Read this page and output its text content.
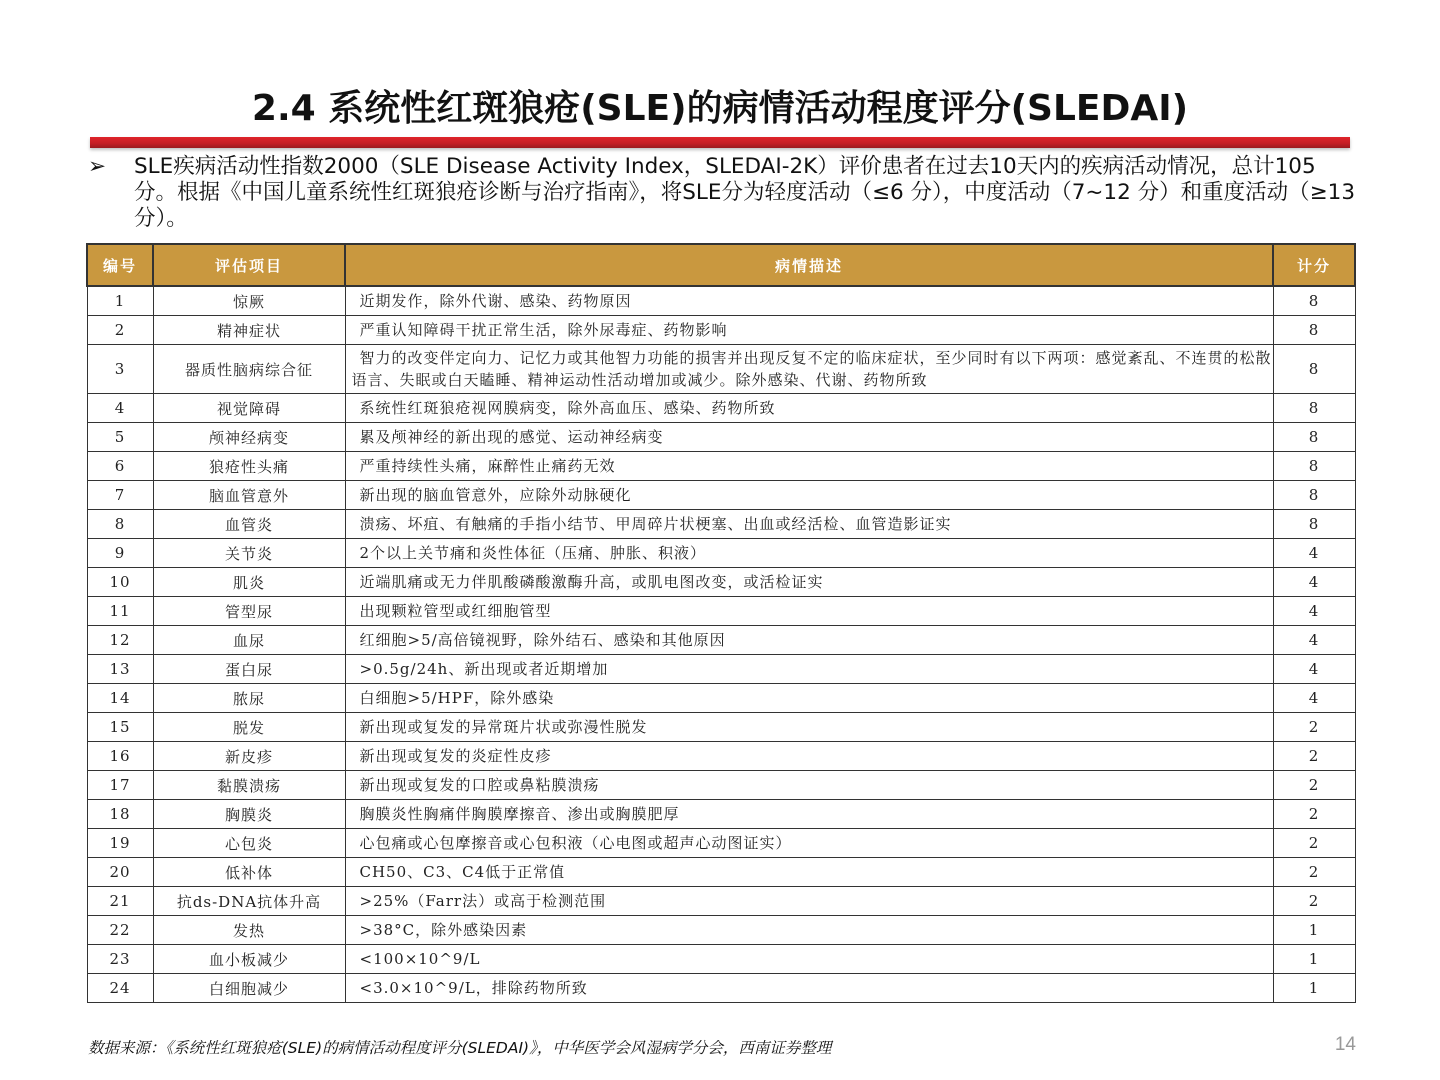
2.4 系统性红斑狼疮(SLE)的病情活动程度评分(SLEDAI)
➢	SLE疾病活动性指数2000（SLE Disease Activity Index，SLEDAI-2K）评价患者在过去10天内的疾病活动情况，总计105分。根据《中国儿童系统性红斑狼疮诊断与治疗指南》，将SLE分为轻度活动（≤6 分），中度活动（7~12 分）和重度活动（≥13 分）。
编号	评估项目	病情描述	计分
1	惊厥	近期发作，除外代谢、感染、药物原因	8
2	精神症状	严重认知障碍干扰正常生活，除外尿毒症、药物影响	8
3	器质性脑病综合征	智力的改变伴定向力、记忆力或其他智力功能的损害并出现反复不定的临床症状，至少同时有以下两项：感觉紊乱、不连贯的松散语言、失眠或白天瞌睡、精神运动性活动增加或减少。除外感染、代谢、药物所致	8
4	视觉障碍	系统性红斑狼疮视网膜病变，除外高血压、感染、药物所致	8
5	颅神经病变	累及颅神经的新出现的感觉、运动神经病变	8
6	狼疮性头痛	严重持续性头痛，麻醉性止痛药无效	8
7	脑血管意外	新出现的脑血管意外，应除外动脉硬化	8
8	血管炎	溃疡、坏疽、有触痛的手指小结节、甲周碎片状梗塞、出血或经活检、血管造影证实	8
9	关节炎	2个以上关节痛和炎性体征（压痛、肿胀、积液）	4
10	肌炎	近端肌痛或无力伴肌酸磷酸激酶升高，或肌电图改变，或活检证实	4
11	管型尿	出现颗粒管型或红细胞管型	4
12	血尿	红细胞>5/高倍镜视野，除外结石、感染和其他原因	4
13	蛋白尿	>0.5g/24h、新出现或者近期增加	4
14	脓尿	白细胞>5/HPF，除外感染	4
15	脱发	新出现或复发的异常斑片状或弥漫性脱发	2
16	新皮疹	新出现或复发的炎症性皮疹	2
17	黏膜溃疡	新出现或复发的口腔或鼻粘膜溃疡	2
18	胸膜炎	胸膜炎性胸痛伴胸膜摩擦音、渗出或胸膜肥厚	2
19	心包炎	心包痛或心包摩擦音或心包积液（心电图或超声心动图证实）	2
20	低补体	CH50、C3、C4低于正常值	2
21	抗ds-DNA抗体升高	>25%（Farr法）或高于检测范围	2
22	发热	>38°C，除外感染因素	1
23	血小板减少	<100×10^9/L	1
24	白细胞减少	<3.0×10^9/L，排除药物所致	1
数据来源：《系统性红斑狼疮(SLE)的病情活动程度评分(SLEDAI)》，中华医学会风湿病学分会，西南证券整理	14
